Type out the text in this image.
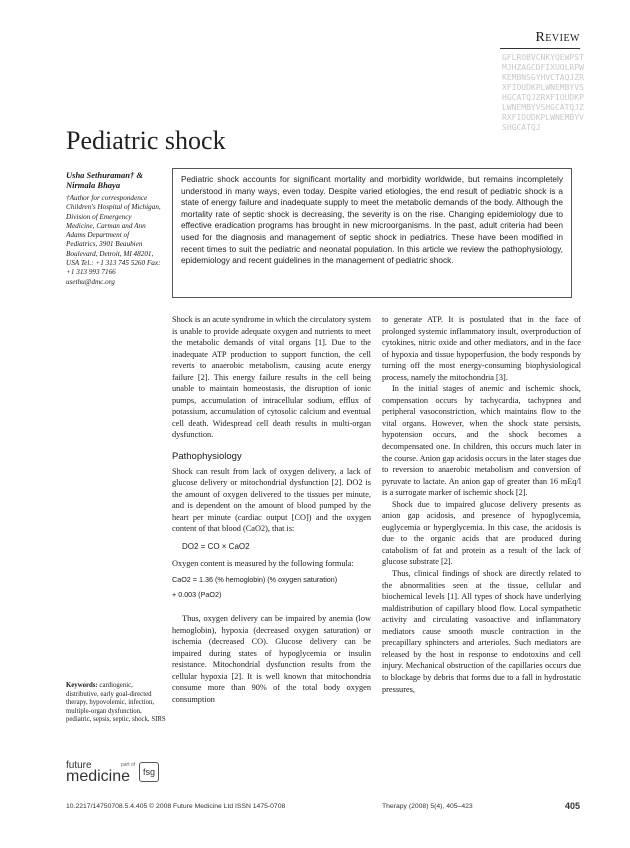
Review
GFLROBVCNKYQEWPSTMJHZAGCDFIXUOLRPWKEMBNSGYHVCTAQJZRXFIOUDKPLWNEMBYVSHGCATQJZRXFIOUDKPLWNEMBYVSHGCATQJZRXFIOUDKPLWNEMBYVSHGCATQJ
Pediatric shock
Usha Sethuraman† & Nirmala Bhaya
†Author for correspondence Children's Hospital of Michigan, Division of Emergency Medicine, Carman and Ann Adams Department of Pediatrics, 3901 Beaubien Boulevard, Detroit, MI 48201, USA Tel.: +1 313 745 5260 Fax: +1 313 993 7166 usethu@dmc.org
Pediatric shock accounts for significant mortality and morbidity worldwide, but remains incompletely understood in many ways, even today. Despite varied etiologies, the end result of pediatric shock is a state of energy failure and inadequate supply to meet the metabolic demands of the body. Although the mortality rate of septic shock is decreasing, the severity is on the rise. Changing epidemiology due to effective eradication programs has brought in new microorganisms. In the past, adult criteria had been used for the diagnosis and management of septic shock in pediatrics. These have been modified in recent times to suit the pediatric and neonatal population. In this article we review the pathophysiology, epidemiology and recent guidelines in the management of pediatric shock.

Shock is an acute syndrome in which the circulatory system is unable to provide adequate oxygen and nutrients to meet the metabolic demands of vital organs [1]. Due to the inadequate ATP production to support function, the cell reverts to anaerobic metabolism, causing acute energy failure [2]. This energy failure results in the cell being unable to maintain homeostasis, the disruption of ionic pumps, accumulation of intracellular sodium, efflux of potassium, accumulation of cytosolic calcium and eventual cell death. Widespread cell death results in multi-organ dysfunction.

Pathophysiology

Shock can result from lack of oxygen delivery, a lack of glucose delivery or mitochondrial dysfunction [2]. DO2 is the amount of oxygen delivered to the tissues per minute, and is dependent on the amount of blood pumped by the heart per minute (cardiac output [CO]) and the oxygen content of that blood (CaO2), that is:

DO2 = CO × CaO2
Oxygen content is measured by the following formula:
CaO2 = 1.36 (% hemoglobin) (% oxygen saturation)
+ 0.003 (PaO2)

Thus, oxygen delivery can be impaired by anemia (low hemoglobin), hypoxia (decreased oxygen saturation) or ischemia (decreased CO). Glucose delivery can be impaired during states of hypoglycemia or insulin resistance. Mitochondrial dysfunction results from the cellular hypoxia [2]. It is well known that mitochondria consume more than 90% of the total body oxygen consumption

to generate ATP. It is postulated that in the face of prolonged systemic inflammatory insult, overproduction of cytokines, nitric oxide and other mediators, and in the face of hypoxia and tissue hypoperfusion, the body responds by turning off the most energy-consuming biophysiological process, namely the mitochondria [3].

In the initial stages of anemic and ischemic shock, compensation occurs by tachycardia, tachypnea and peripheral vasoconstriction, which maintains flow to the vital organs. However, when the shock state persists, hypotension occurs, and the shock becomes a decompensated one. In children, this occurs much later in the course. Anion gap acidosis occurs in the later stages due to reversion to anaerobic metabolism and conversion of pyruvate to lactate. An anion gap of greater than 16 mEq/l is a surrogate marker of ischemic shock [2].

Shock due to impaired glucose delivery presents as anion gap acidosis, and presence of hypoglycemia, euglycemia or hyperglycemia. In this case, the acidosis is due to the organic acids that are produced during catabolism of fat and protein as a result of the lack of glucose substrate [2].

Thus, clinical findings of shock are directly related to the abnormalities seen at the tissue, cellular and biochemical levels [1]. All types of shock have underlying maldistribution of capillary blood flow. Local sympathetic activity and circulating vasoactive and inflammatory mediators cause smooth muscle contraction in the precapillary sphincters and arterioles. Such mediators are released by the host in response to endotoxins and cell injury. Mechanical obstruction of the capillaries occurs due to blockage by debris that forms due to a fall in hydrostatic pressures,

Keywords: cardiogenic, distributive, early goal-directed therapy, hypovolemic, infection, multiple-organ dysfunction, pediatric, sepsis, septic, shock, SIRS
future
medicine
part of
fsg
10.2217/14750708.5.4.405 © 2008 Future Medicine Ltd ISSN 1475-0708	Therapy (2008) 5(4), 405–423	405
